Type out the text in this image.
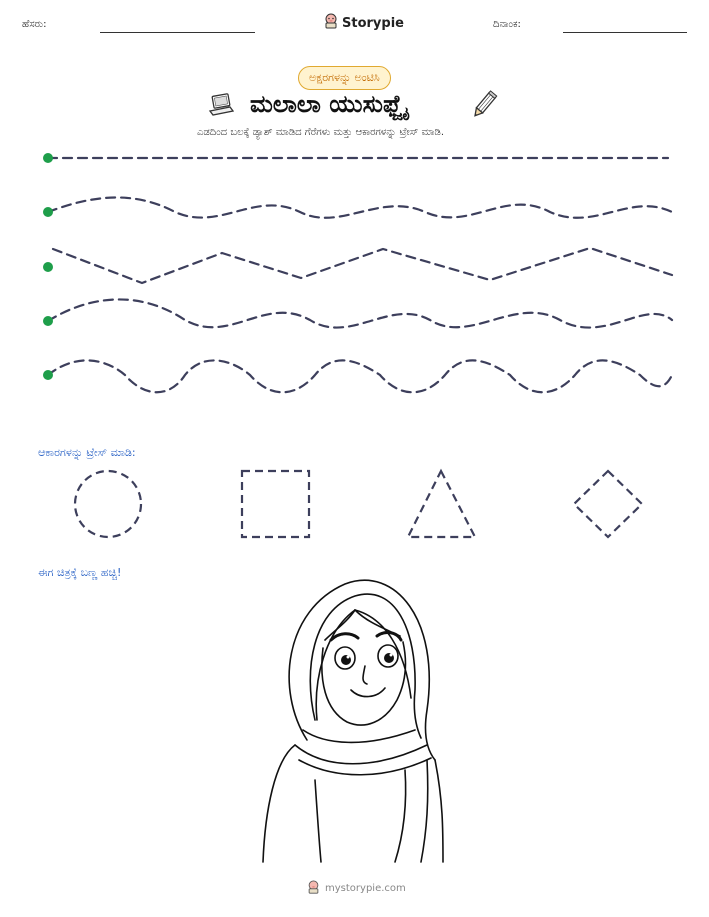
ಹೆಸರು:	Storypie	ದಿನಾಂಕ:
ಅಕ್ಷರಗಳನ್ನು ಅಂಟಿಸಿ
ಮಲಾಲಾ ಯುಸುಫ್ಜೈ
ಎಡದಿಂದ ಬಲಕ್ಕೆ ಡ್ಯಾಶ್ ಮಾಡಿದ ಗೆರೆಗಳು ಮತ್ತು ಆಕಾರಗಳನ್ನು ಟ್ರೇಸ್ ಮಾಡಿ.
ಆಕಾರಗಳನ್ನು ಟ್ರೇಸ್ ಮಾಡಿ:
ಈಗ ಚಿತ್ರಕ್ಕೆ ಬಣ್ಣ ಹಚ್ಚಿ!
mystorypie.com
